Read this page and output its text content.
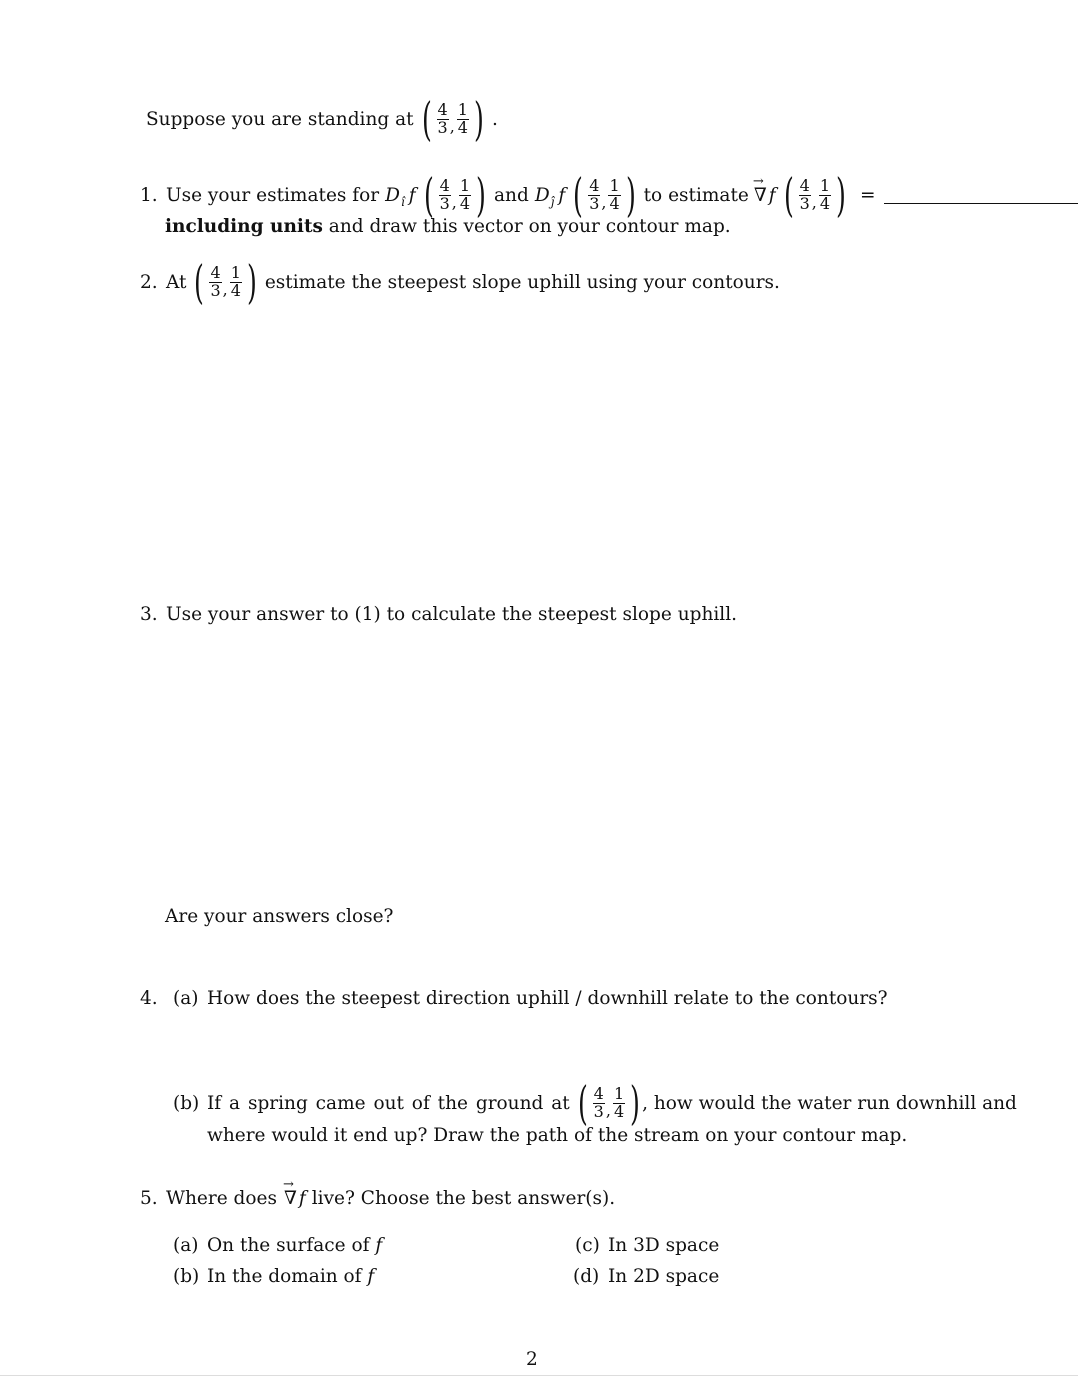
Suppose you are standing at ( $\frac{4}{3}$ , $\frac{1}{4}$ ) .
1. Use your estimates for $D_î$ f ( $\frac{4}{3}$ , $\frac{1}{4}$ ) and $D_ĵ$ f ( $\frac{4}{3}$ , $\frac{1}{4}$ ) to estimate
→
∇ f ( $\frac{4}{3}$ , $\frac{1}{4}$ ) =
including units and draw this vector on your contour map.
2. At ( $\frac{4}{3}$ , $\frac{1}{4}$ ) estimate the steepest slope uphill using your contours.
3. Use your answer to (1) to calculate the steepest slope uphill.
Are your answers close?
4. (a) How does the steepest direction uphill / downhill relate to the contours?
(b) If a spring came out of the ground at ( $\frac{4}{3}$ , $\frac{1}{4}$ ) , how would the water run downhill and
where would it end up? Draw the path of the stream on your contour map.
5. Where does
→
∇ f live? Choose the best answer(s).
(a) On the surface of f
(b) In the domain of f
(c) In 3D space
(d) In 2D space
2
